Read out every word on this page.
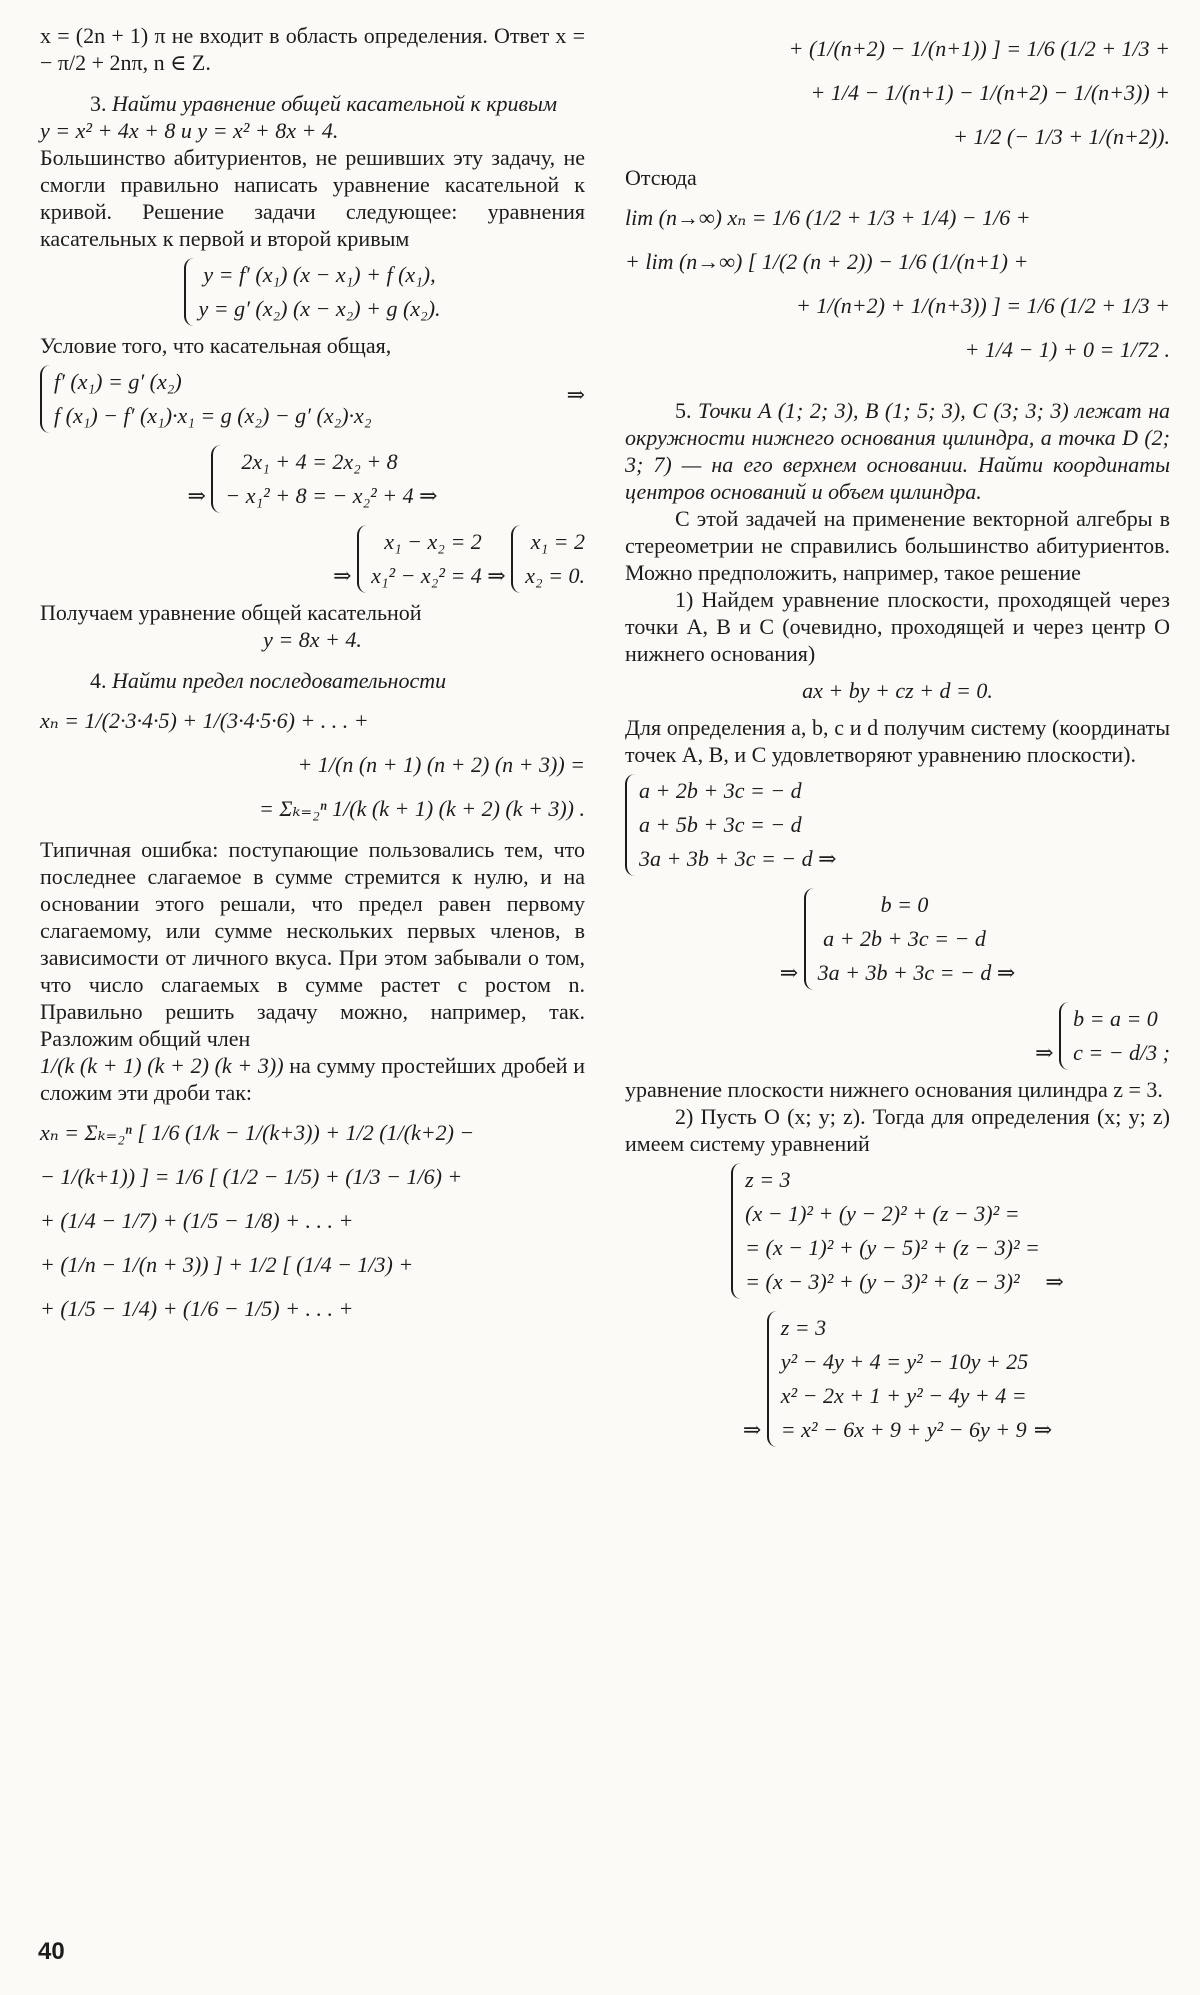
x = (2n + 1) π не входит в область определения. Ответ x = − π/2 + 2nπ, n ∈ Z.

3. Найти уравнение общей касательной к кривым

y = x² + 4x + 8 и y = x² + 8x + 4.

Большинство абитуриентов, не решивших эту задачу, не смогли правильно написать уравнение касательной к кривой. Решение задачи следующее: уравнения касательных к первой и второй кривым

y = f′ (x₁) (x − x₁) + f (x₁),
y = g′ (x₂) (x − x₂) + g (x₂).

Условие того, что касательная общая,

f′ (x₁) = g′ (x₂)
f (x₁) − f′ (x₁)·x₁ = g (x₂) − g′ (x₂)·x₂
⇒
⇒
2x₁ + 4 = 2x₂ + 8
− x₁² + 8 = − x₂² + 4 ⇒
⇒
x₁ − x₂ = 2
x₁² − x₂² = 4 ⇒
x₁ = 2
x₂ = 0.

Получаем уравнение общей касательной

y = 8x + 4.

4. Найти предел последовательности

xₙ = 1/(2·3·4·5) + 1/(3·4·5·6) + . . . +
+ 1/(n (n + 1) (n + 2) (n + 3)) =
= Σₖ₌₂ⁿ 1/(k (k + 1) (k + 2) (k + 3)) .

Типичная ошибка: поступающие пользовались тем, что последнее слагаемое в сумме стремится к нулю, и на основании этого решали, что предел равен первому слагаемому, или сумме нескольких первых членов, в зависимости от личного вкуса. При этом забывали о том, что число слагаемых в сумме растет с ростом n. Правильно решить задачу можно, например, так. Разложим общий член

1/(k (k + 1) (k + 2) (k + 3)) на сумму простейших дробей и сложим эти дроби так:

xₙ = Σₖ₌₂ⁿ [ 1/6 (1/k − 1/(k+3)) + 1/2 (1/(k+2) −
− 1/(k+1)) ] = 1/6 [ (1/2 − 1/5) + (1/3 − 1/6) +
+ (1/4 − 1/7) + (1/5 − 1/8) + . . . +
+ (1/n − 1/(n + 3)) ] + 1/2 [ (1/4 − 1/3) +
+ (1/5 − 1/4) + (1/6 − 1/5) + . . . +
+ (1/(n+2) − 1/(n+1)) ] = 1/6 (1/2 + 1/3 +
+ 1/4 − 1/(n+1) − 1/(n+2) − 1/(n+3)) +
+ 1/2 (− 1/3 + 1/(n+2)).

Отсюда

lim (n→∞) xₙ = 1/6 (1/2 + 1/3 + 1/4) − 1/6 +
+ lim (n→∞) [ 1/(2 (n + 2)) − 1/6 (1/(n+1) +
+ 1/(n+2) + 1/(n+3)) ] = 1/6 (1/2 + 1/3 +
+ 1/4 − 1) + 0 = 1/72 .

5. Точки A (1; 2; 3), B (1; 5; 3), C (3; 3; 3) лежат на окружности нижнего основания цилиндра, а точка D (2; 3; 7) — на его верхнем основании. Найти координаты центров оснований и объем цилиндра.

С этой задачей на применение векторной алгебры в стереометрии не справились большинство абитуриентов. Можно предположить, например, такое решение

1) Найдем уравнение плоскости, проходящей через точки A, B и C (очевидно, проходящей и через центр O нижнего основания)

ax + by + cz + d = 0.

Для определения a, b, c и d получим систему (координаты точек A, B, и C удовлетворяют уравнению плоскости).

a + 2b + 3c = − d
a + 5b + 3c = − d
3a + 3b + 3c = − d ⇒
⇒
b = 0
a + 2b + 3c = − d
3a + 3b + 3c = − d ⇒
⇒
b = a = 0
c = − d/3 ;

уравнение плоскости нижнего основания цилиндра z = 3.

2) Пусть O (x; y; z). Тогда для определения (x; y; z) имеем систему уравнений

z = 3
(x − 1)² + (y − 2)² + (z − 3)² =
= (x − 1)² + (y − 5)² + (z − 3)² =
= (x − 3)² + (y − 3)² + (z − 3)²	⇒
⇒
z = 3
y² − 4y + 4 = y² − 10y + 25
x² − 2x + 1 + y² − 4y + 4 =
= x² − 6x + 9 + y² − 6y + 9 ⇒
40
